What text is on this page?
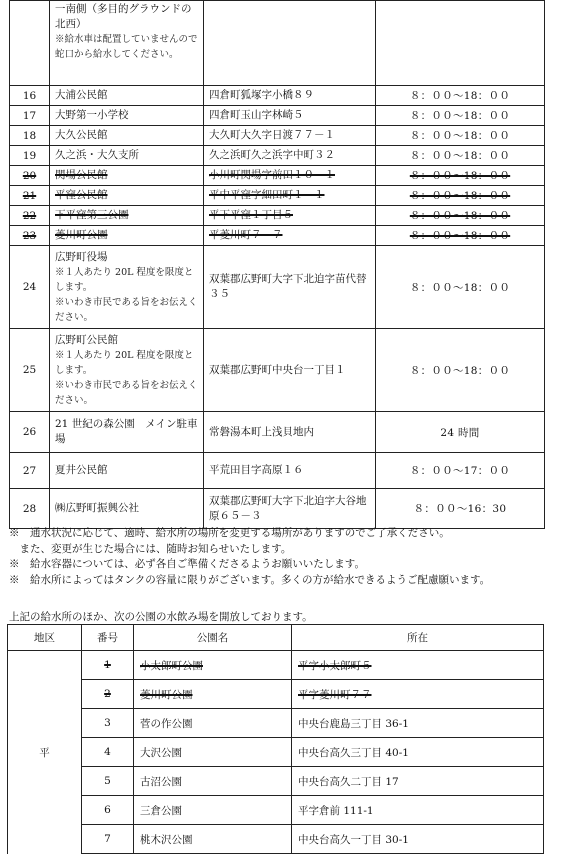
	一南側（多目的グラウンドの北西）
※給水車は配置していませんので蛇口から給水してください。		

16	大浦公民館	四倉町狐塚字小橋８９	８：００～18：００
17	大野第一小学校	四倉町玉山字林崎５	８：００～18：００
18	大久公民館	大久町大久字日渡７７－１	８：００～18：００
19	久之浜・大久支所	久之浜町久之浜字中町３２	８：００～18：００
20	関場公民館	小川町関場字前田１０－１	８：００～18：００
21	平窪公民館	平中平窪字細田町１－１	８：００～18：００
22	下平窪第三公園	平下平窪１丁目５	８：００～18：００
23	菱川町公園	平菱川町７－７	８：００～18：００
24	広野町役場
※１人あたり 20L 程度を限度とします。
※いわき市民である旨をお伝えください。	双葉郡広野町大字下北迫字苗代替３５	８：００～18：００
25	広野町公民館
※１人あたり 20L 程度を限度とします。
※いわき市民である旨をお伝えください。	双葉郡広野町中央台一丁目１	８：００～18：００
26	21 世紀の森公園　メイン駐車場	常磐湯本町上浅貝地内	24 時間
27	夏井公民館	平荒田目字高原１６	８：００～17：００
28	㈱広野町振興公社	双葉郡広野町大字下北迫字大谷地原６５－３	８：００～16：30

※　通水状況に応じて、適時、給水所の場所を変更する場所がありますのでご了承ください。

　また、変更が生じた場合には、随時お知らせいたします。

※　給水容器については、必ず各自ご準備くださるようお願いいたします。

※　給水所によってはタンクの容量に限りがございます。多くの方が給水できるようご配慮願います。

上記の給水所のほか、次の公園の水飲み場を開放しております。
地区	番号	公園名	所在
平	1	小太郎町公園	平字小太郎町５
	2	菱川町公園	平字菱川町７７
	3	菅の作公園	中央台鹿島三丁目 36-1
	4	大沢公園	中央台高久三丁目 40-1
	5	古沼公園	中央台高久二丁目 17
	6	三倉公園	平字倉前 111-1
	7	桃木沢公園	中央台高久一丁目 30-1
